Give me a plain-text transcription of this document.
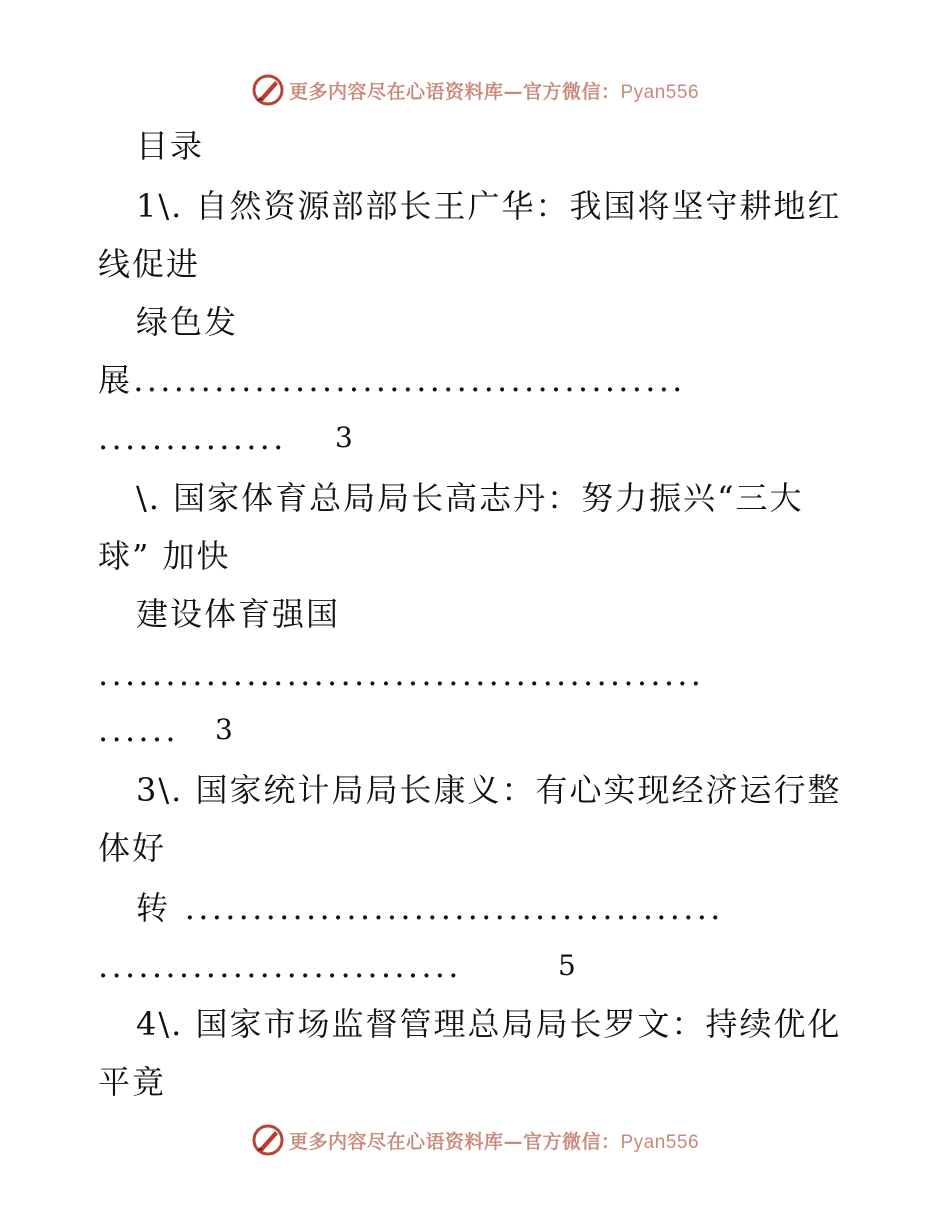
更多内容尽在心语资料库—官方微信：Pyan556
目录
1\. 自然资源部部长王广华：我国将坚守耕地红
线促进
绿色发
展.........................................
..............	3
\. 国家体育总局局长高志丹：努力振兴“三大
球” 加快
建设体育强国
.............................................
......	3
3\. 国家统计局局长康义：有心实现经济运行整
体好
转 ........................................
...........................	5
4\. 国家市场监督管理总局局长罗文：持续优化
平竟
更多内容尽在心语资料库—官方微信：Pyan556
